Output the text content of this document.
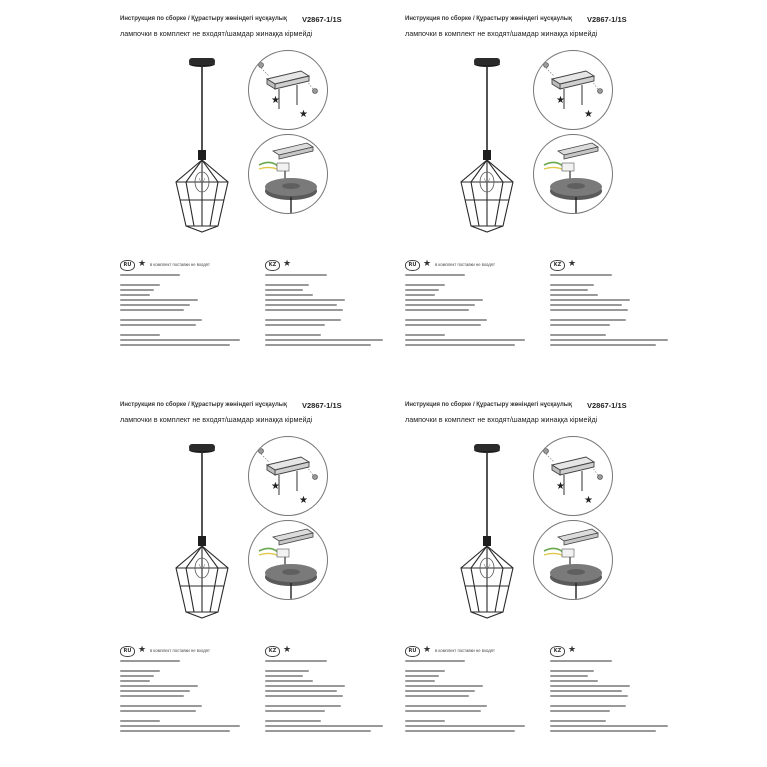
Инструкция по сборке / Құрастыру жөніндегі нұсқаулық V2867-1/1S
лампочки в комплект не входят/шамдар жинаққа кірмейді
★
★
RU ★ в комплект поставки не входят	KZ ★
Инструкция по сборке / Құрастыру жөніндегі нұсқаулық V2867-1/1S
лампочки в комплект не входят/шамдар жинаққа кірмейді
★
★
RU ★ в комплект поставки не входят	KZ ★
Инструкция по сборке / Құрастыру жөніндегі нұсқаулық V2867-1/1S
лампочки в комплект не входят/шамдар жинаққа кірмейді
★
★
RU ★ в комплект поставки не входят	KZ ★
Инструкция по сборке / Құрастыру жөніндегі нұсқаулық V2867-1/1S
лампочки в комплект не входят/шамдар жинаққа кірмейді
★
★
RU ★ в комплект поставки не входят	KZ ★
